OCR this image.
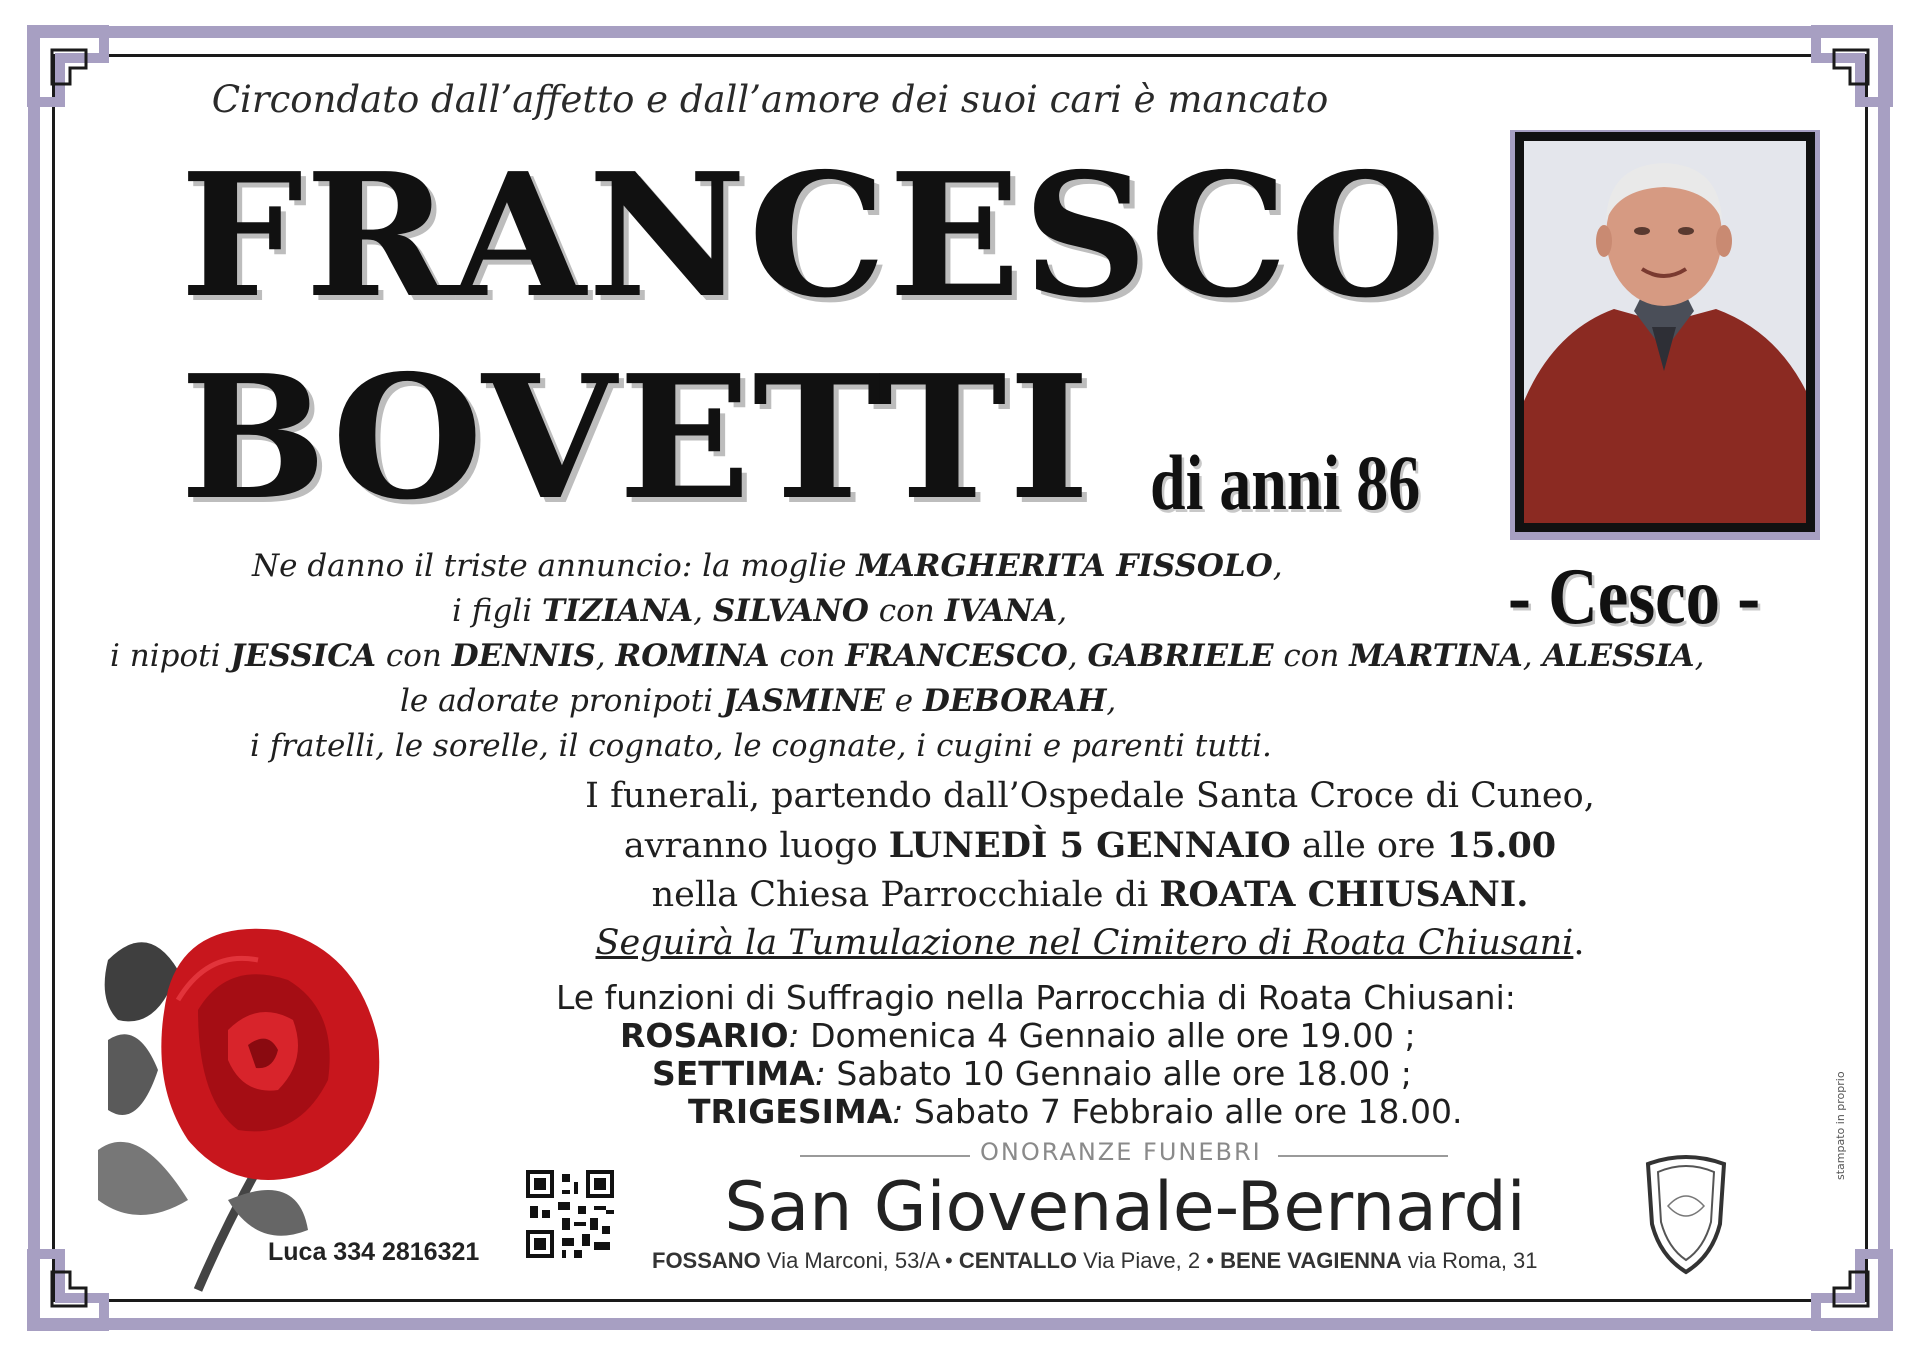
Circondato dall’affetto e dall’amore dei suoi cari è mancato
FRANCESCO
BOVETTI di anni 86
- Cesco -

Ne danno il triste annuncio: la moglie MARGHERITA FISSOLO,

i figli TIZIANA, SILVANO con IVANA,

i nipoti JESSICA con DENNIS, ROMINA con FRANCESCO, GABRIELE con MARTINA, ALESSIA,

le adorate pronipoti JASMINE e DEBORAH,

i fratelli, le sorelle, il cognato, le cognate, i cugini e parenti tutti.

I funerali, partendo dall’Ospedale Santa Croce di Cuneo,

avranno luogo LUNEDÌ 5 GENNAIO alle ore 15.00

nella Chiesa Parrocchiale di ROATA CHIUSANI.

Seguirà la Tumulazione nel Cimitero di Roata Chiusani.

Le funzioni di Suffragio nella Parrocchia di Roata Chiusani:

ROSARIO: Domenica 4 Gennaio alle ore 19.00 ;

SETTIMA: Sabato 10 Gennaio alle ore 18.00 ;

TRIGESIMA: Sabato 7 Febbraio alle ore 18.00.

ONORANZE FUNEBRI
San Giovenale-Bernardi
FOSSANO Via Marconi, 53/A • CENTALLO Via Piave, 2 • BENE VAGIENNA via Roma, 31
Luca 334 2816321
stampato in proprio
